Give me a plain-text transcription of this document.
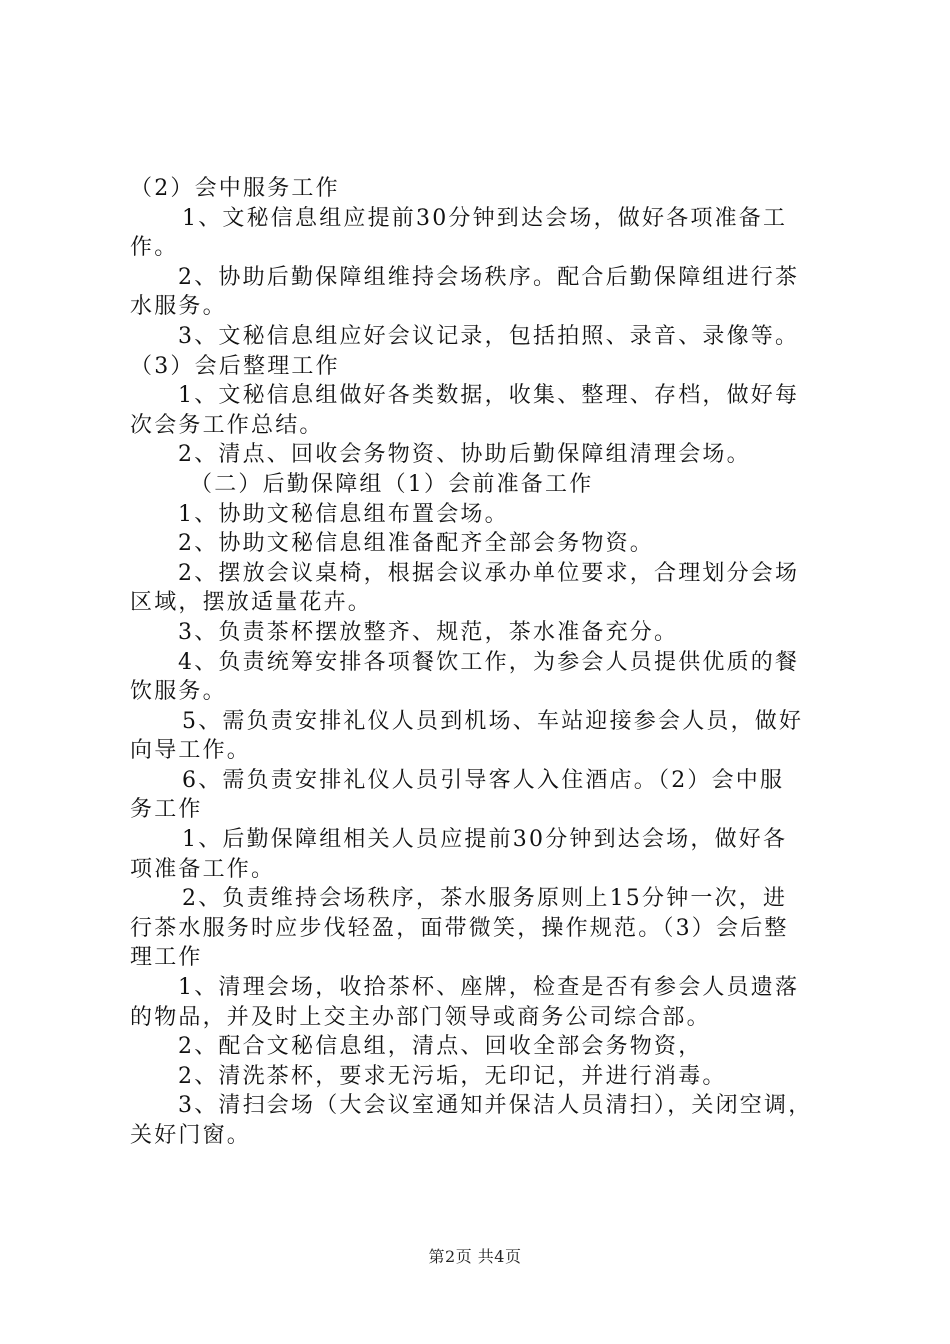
（2）会中服务工作
1、文秘信息组应提前30分钟到达会场，做好各项准备工
作。
2、协助后勤保障组维持会场秩序。配合后勤保障组进行茶
水服务。
3、文秘信息组应好会议记录，包括拍照、录音、录像等。
（3）会后整理工作
1、文秘信息组做好各类数据，收集、整理、存档，做好每
次会务工作总结。
2、清点、回收会务物资、协助后勤保障组清理会场。
（二）后勤保障组（1）会前准备工作
1、协助文秘信息组布置会场。
2、协助文秘信息组准备配齐全部会务物资。
2、摆放会议桌椅，根据会议承办单位要求，合理划分会场
区域，摆放适量花卉。
3、负责茶杯摆放整齐、规范，茶水准备充分。
4、负责统筹安排各项餐饮工作，为参会人员提供优质的餐
饮服务。
5、需负责安排礼仪人员到机场、车站迎接参会人员，做好
向导工作。
6、需负责安排礼仪人员引导客人入住酒店。（2）会中服
务工作
1、后勤保障组相关人员应提前30分钟到达会场，做好各
项准备工作。
2、负责维持会场秩序，茶水服务原则上15分钟一次，进
行茶水服务时应步伐轻盈，面带微笑，操作规范。（3）会后整
理工作
1、清理会场，收拾茶杯、座牌，检查是否有参会人员遗落
的物品，并及时上交主办部门领导或商务公司综合部。
2、配合文秘信息组，清点、回收全部会务物资，
2、清洗茶杯，要求无污垢，无印记，并进行消毒。
3、清扫会场（大会议室通知并保洁人员清扫），关闭空调，
关好门窗。
第2页 共4页
